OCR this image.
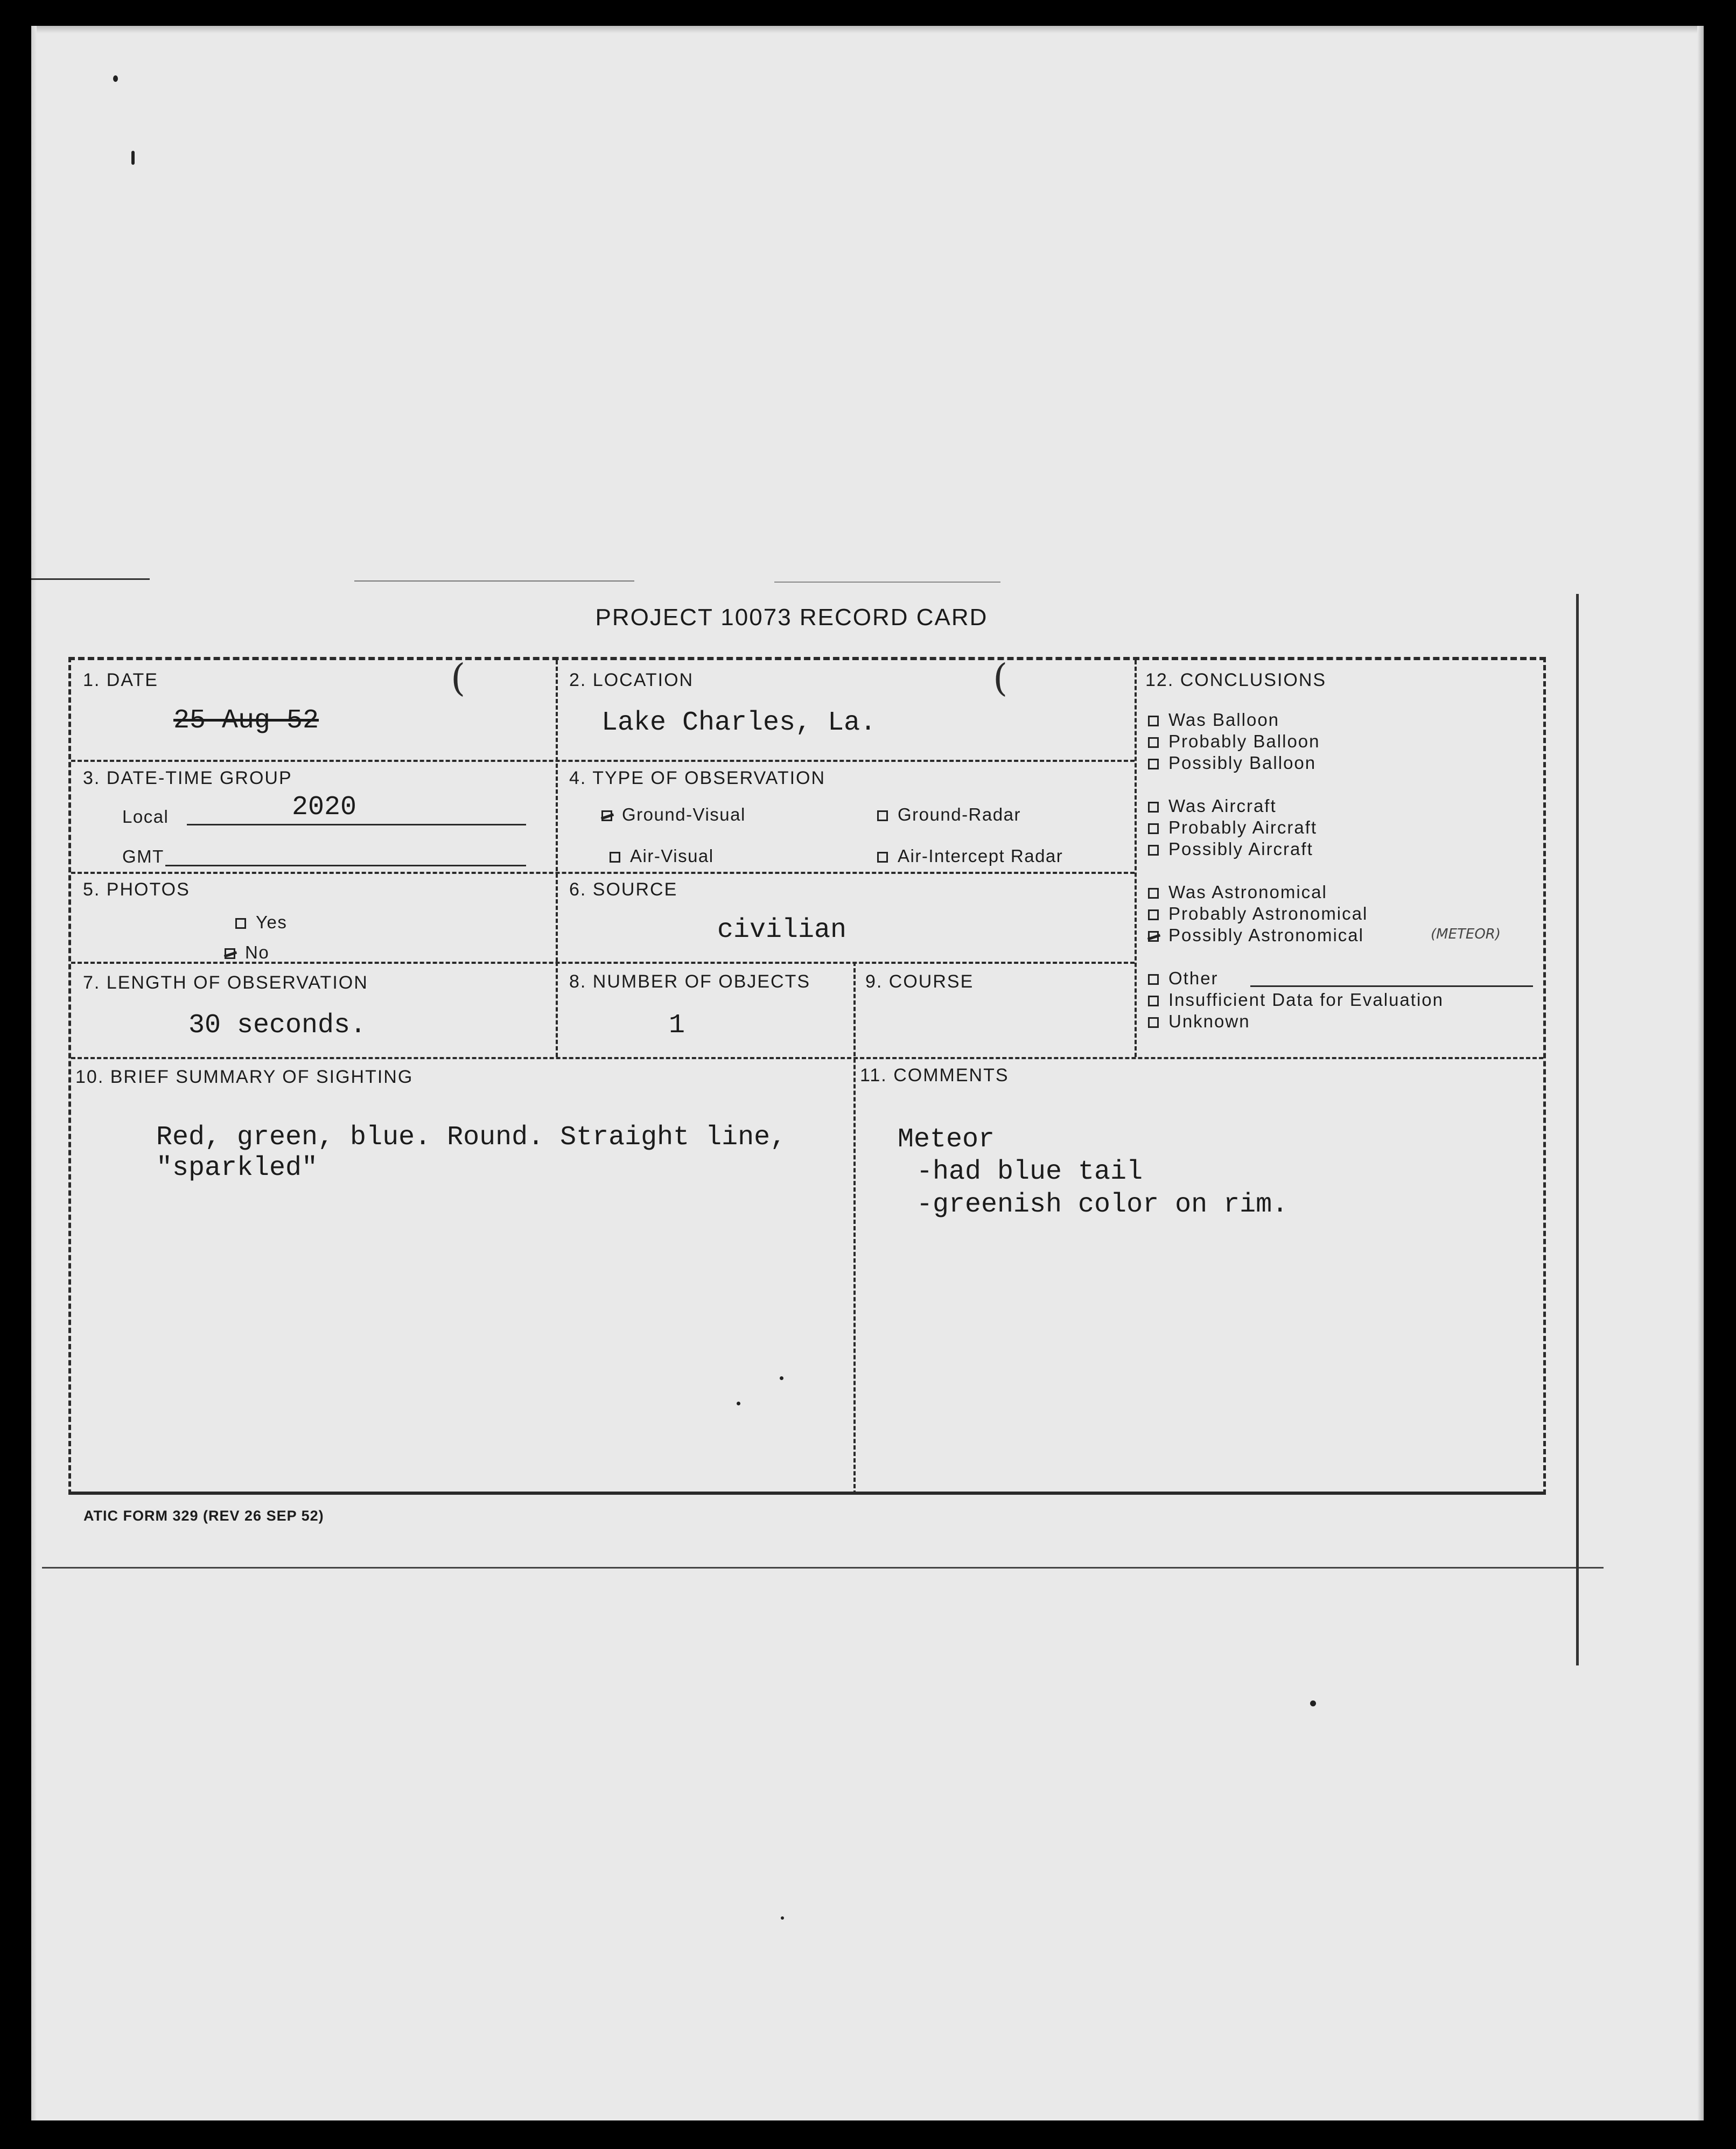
PROJECT 10073 RECORD CARD
1. DATE
25 Aug 52
(	2. LOCATION
Lake Charles, La.
(
3. DATE-TIME GROUP
Local	2020
GMT
4. TYPE OF OBSERVATION
Ground-Visual	Ground-Radar
Air-Visual	Air-Intercept Radar
5. PHOTOS
Yes
No
6. SOURCE
civilian
7. LENGTH OF OBSERVATION
30 seconds.
8. NUMBER OF OBJECTS
1
9. COURSE
12. CONCLUSIONS
Was Balloon
Probably Balloon
Possibly Balloon
Was Aircraft
Probably Aircraft
Possibly Aircraft
Was Astronomical
Probably Astronomical
Possibly Astronomical	(METEOR)
Other
Insufficient Data for Evaluation
Unknown
10. BRIEF SUMMARY OF SIGHTING
Red, green, blue. Round. Straight line,
"sparkled"
11. COMMENTS
Meteor
-had blue tail
-greenish color on rim.
ATIC FORM 329 (REV 26 SEP 52)
